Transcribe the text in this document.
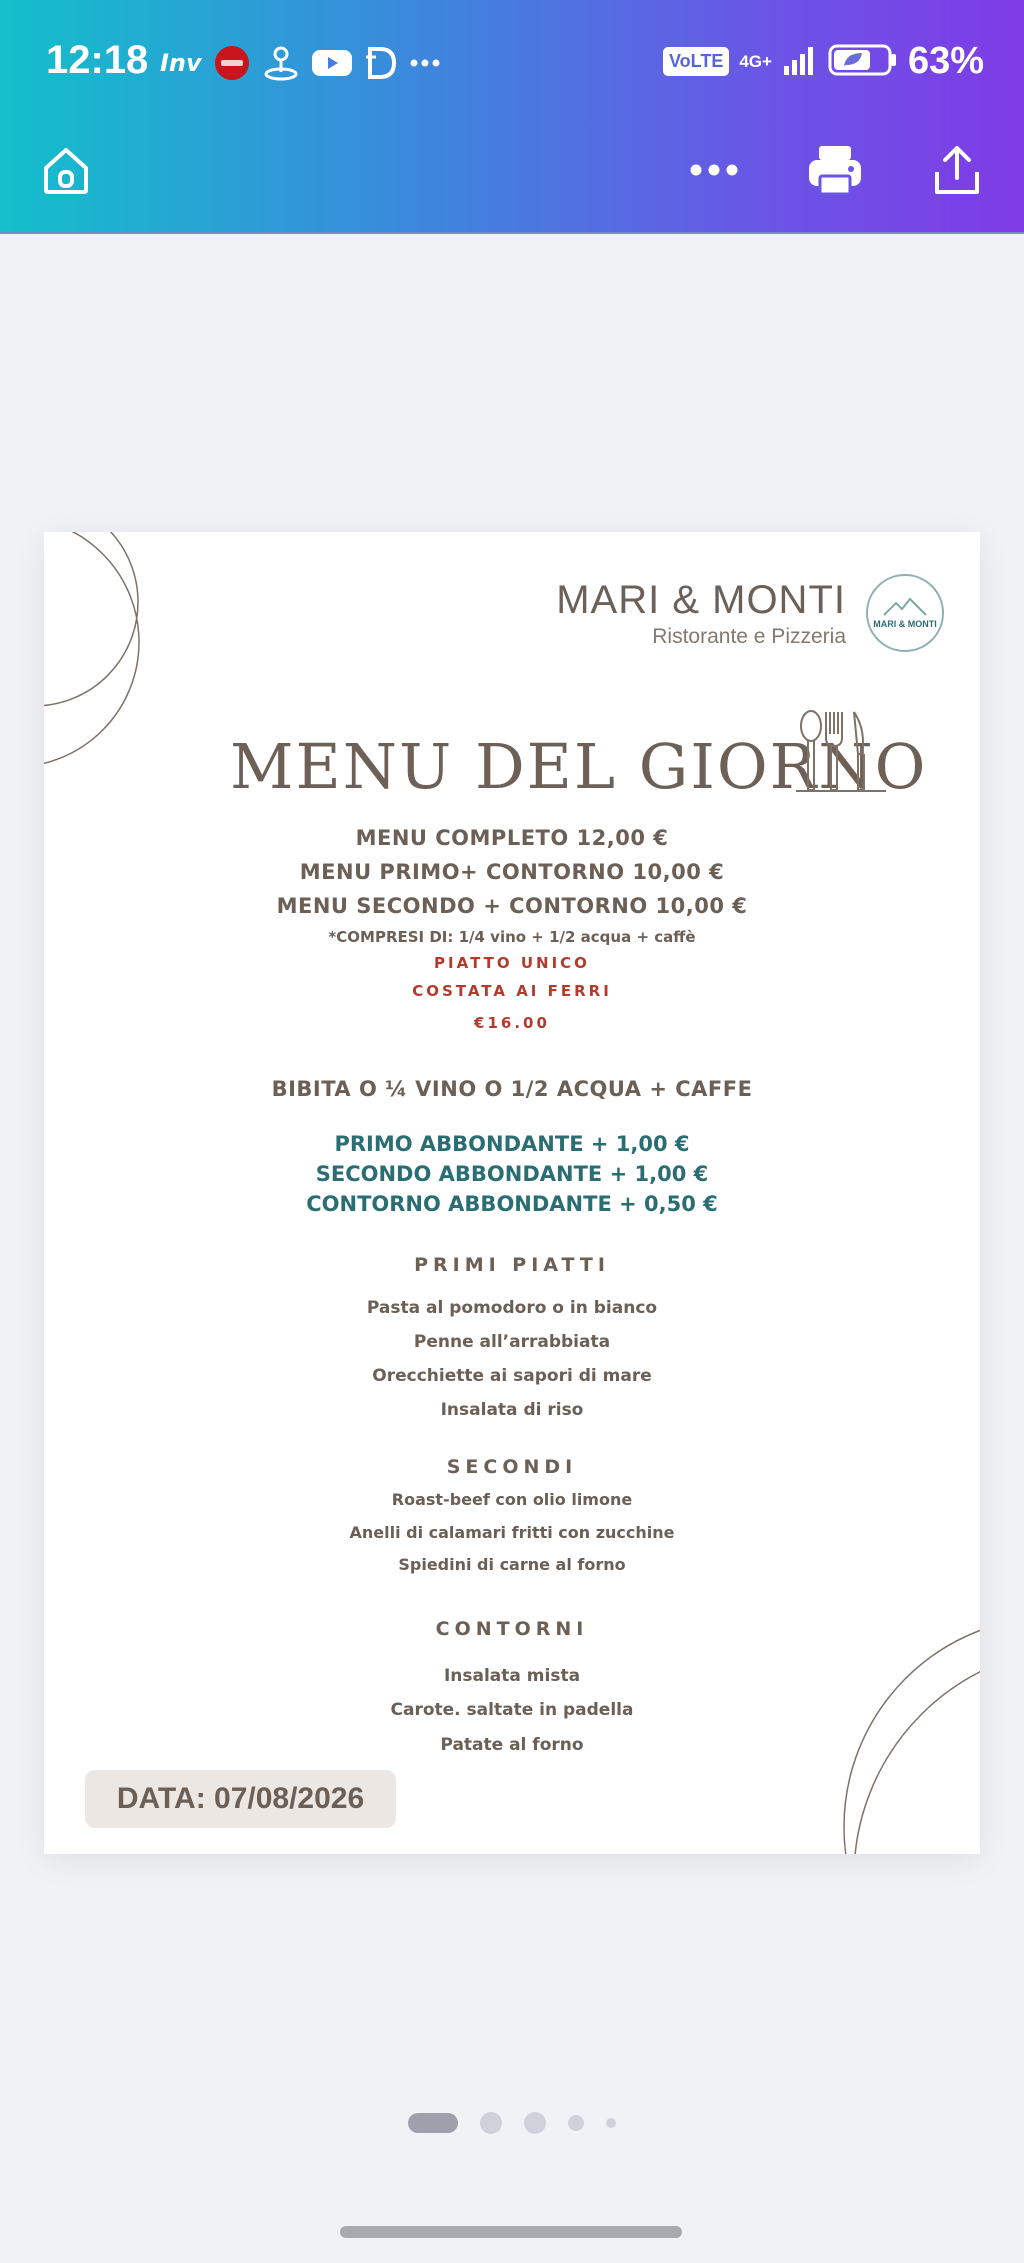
12:18 Inv	VoLTE 4G+	63%
MARI & MONTI
Ristorante e Pizzeria
MARI & MONTI
MENU DEL GIORNO
MENU COMPLETO 12,00 €
MENU PRIMO+ CONTORNO 10,00 €
MENU SECONDO + CONTORNO 10,00 €
*COMPRESI DI: 1/4 vino + 1/2 acqua + caffè
PIATTO UNICO
COSTATA AI FERRI
€16.00
BIBITA O ¼ VINO O 1/2 ACQUA + CAFFE
PRIMO ABBONDANTE + 1,00 €
SECONDO ABBONDANTE + 1,00 €
CONTORNO ABBONDANTE + 0,50 €
PRIMI PIATTI
Pasta al pomodoro o in bianco
Penne all’arrabbiata
Orecchiette ai sapori di mare
Insalata di riso
SECONDI
Roast-beef con olio limone
Anelli di calamari fritti con zucchine
Spiedini di carne al forno
CONTORNI
Insalata mista
Carote. saltate in padella
Patate al forno
DATA: 07/08/2026
